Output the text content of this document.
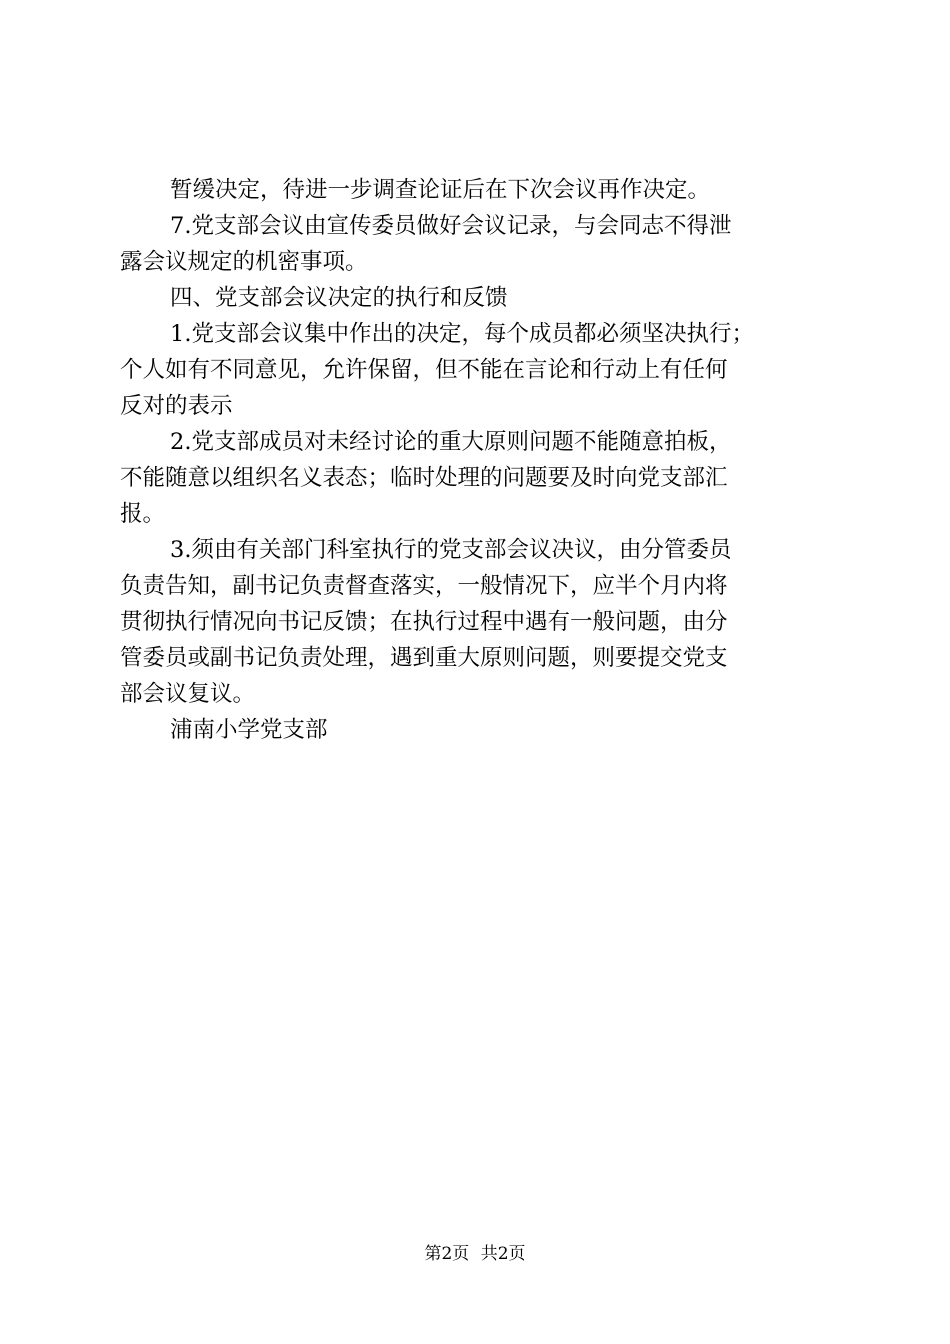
暂缓决定，待进一步调查论证后在下次会议再作决定。
7.党支部会议由宣传委员做好会议记录，与会同志不得泄
露会议规定的机密事项。
四、党支部会议决定的执行和反馈
1.党支部会议集中作出的决定，每个成员都必须坚决执行；
个人如有不同意见，允许保留，但不能在言论和行动上有任何
反对的表示
2.党支部成员对未经讨论的重大原则问题不能随意拍板，
不能随意以组织名义表态；临时处理的问题要及时向党支部汇
报。
3.须由有关部门科室执行的党支部会议决议，由分管委员
负责告知，副书记负责督查落实，一般情况下，应半个月内将
贯彻执行情况向书记反馈；在执行过程中遇有一般问题，由分
管委员或副书记负责处理，遇到重大原则问题，则要提交党支
部会议复议。
浦南小学党支部
第2页 共2页
